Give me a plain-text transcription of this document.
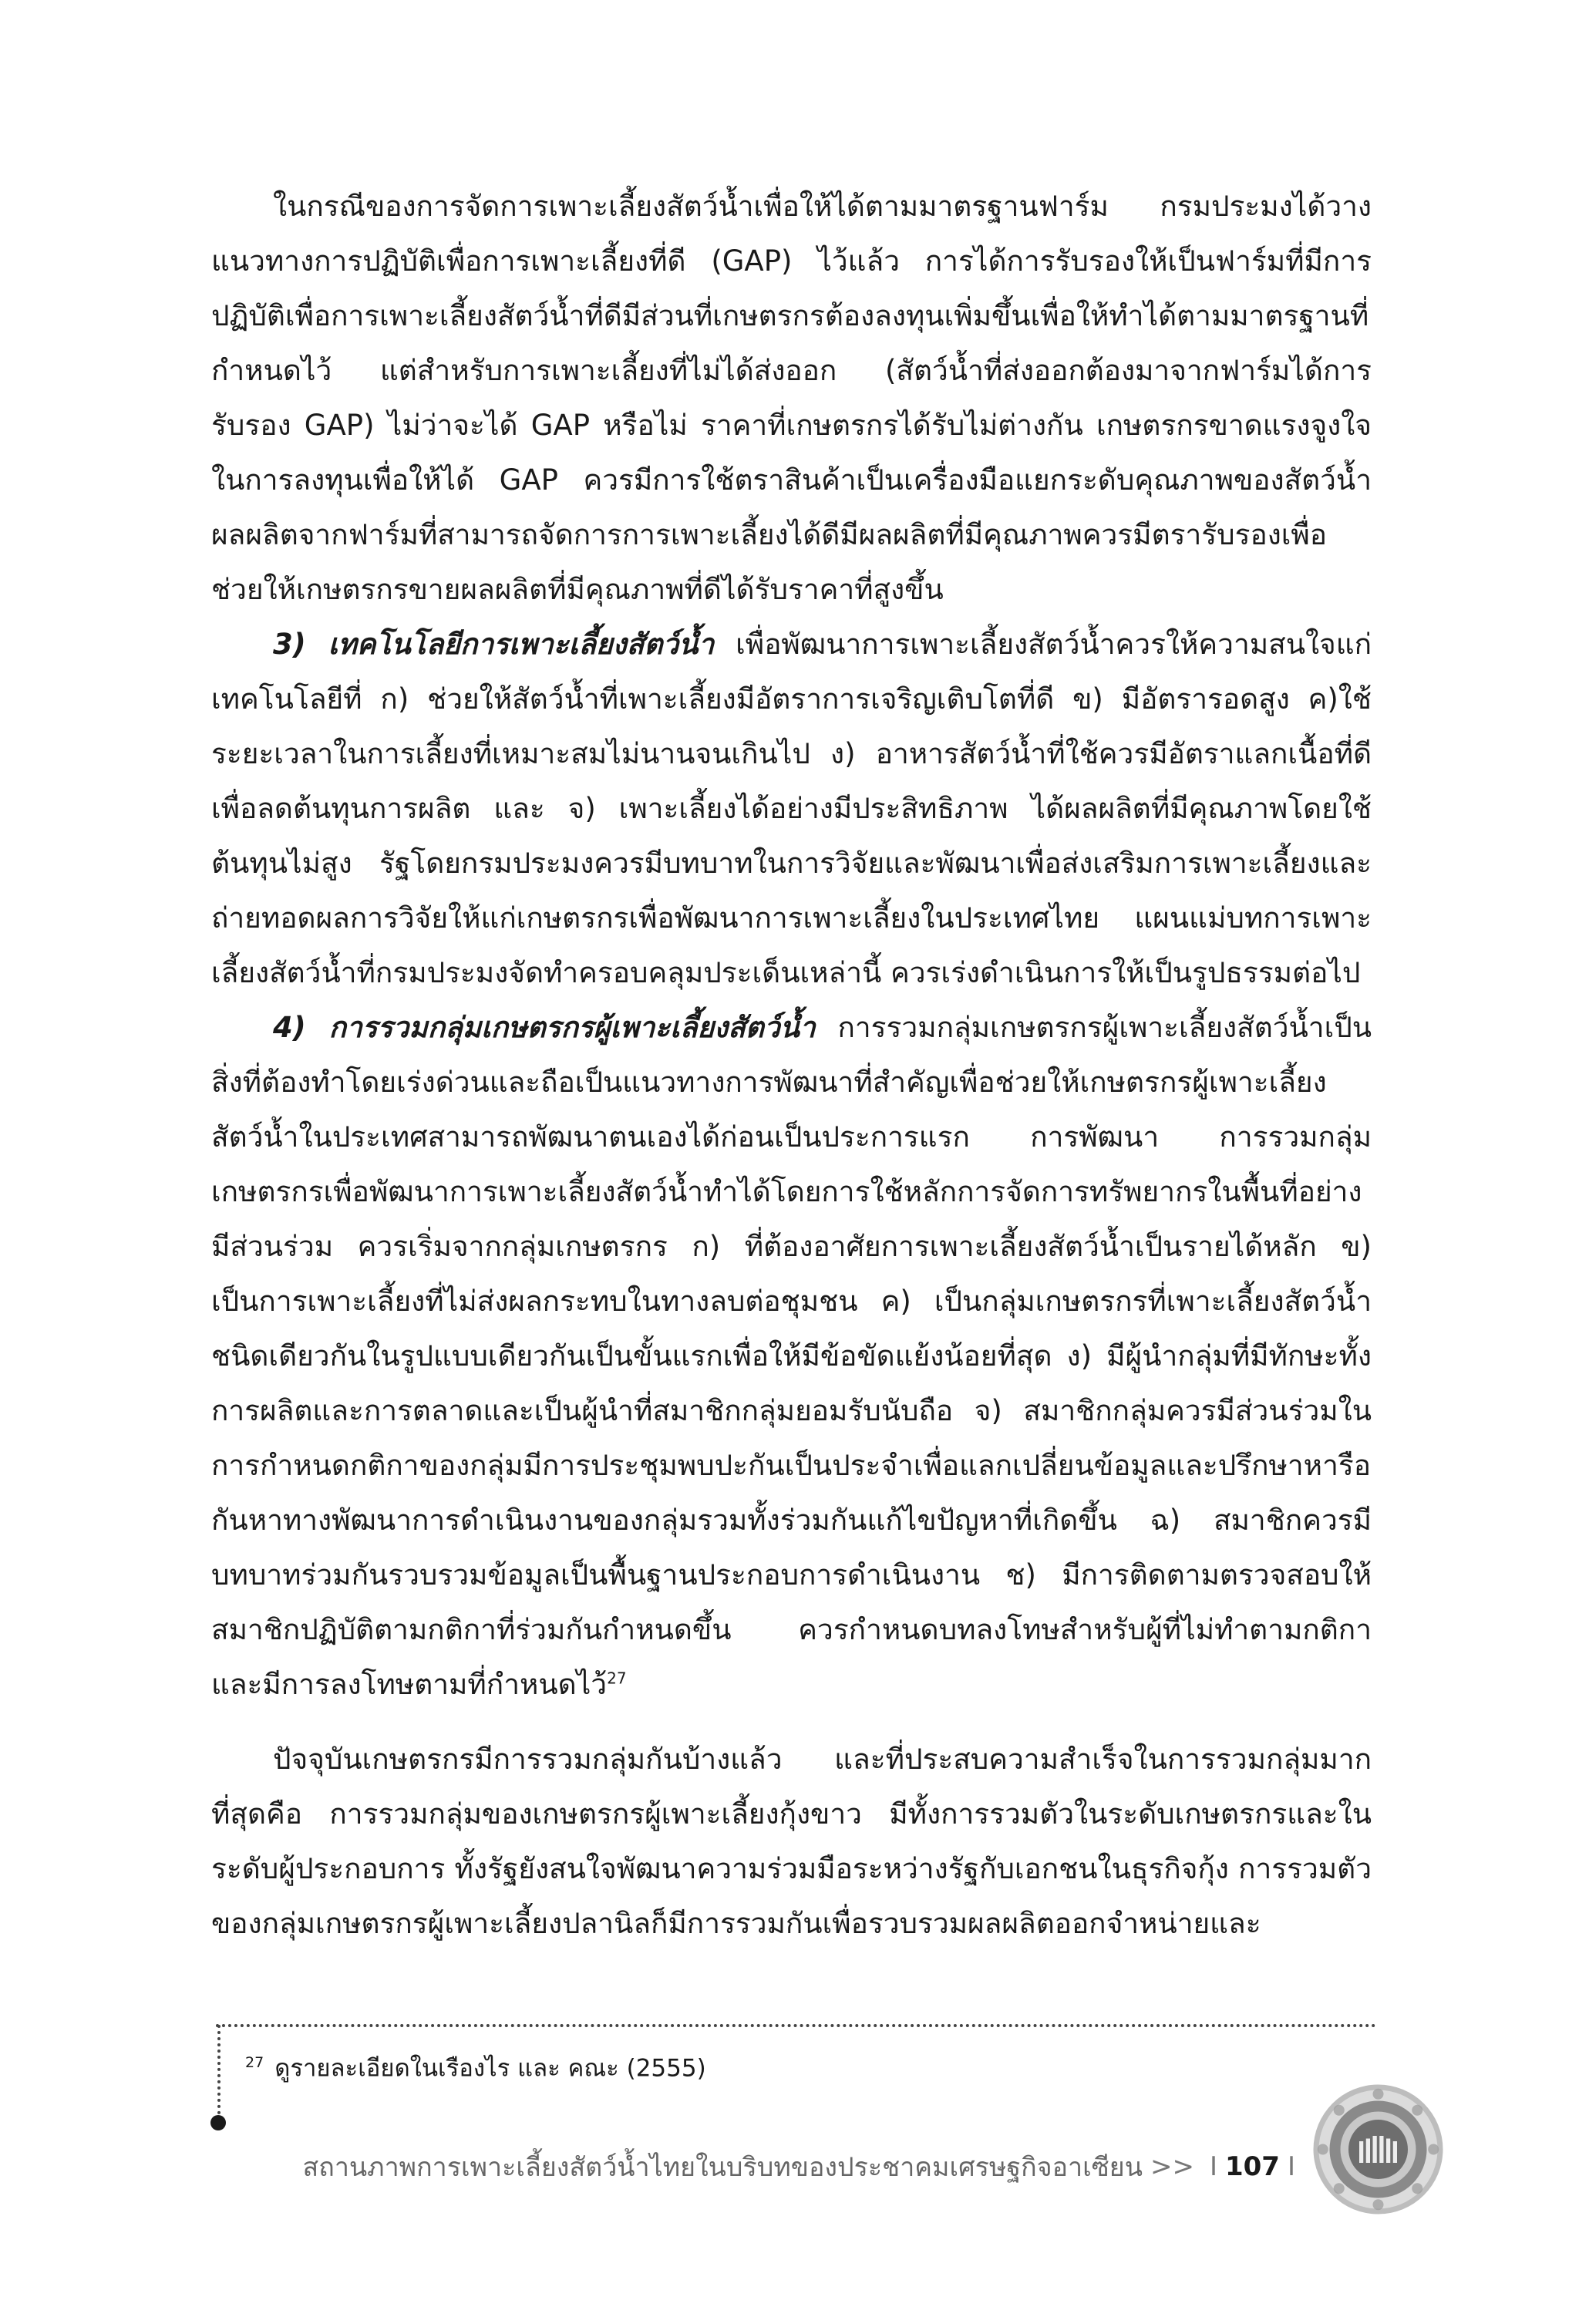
ในกรณีของการจัดการเพาะเลี้ยงสัตว์น้ำเพื่อให้ได้ตามมาตรฐานฟาร์ม กรมประมงได้วางแนวทางการปฏิบัติเพื่อการเพาะเลี้ยงที่ดี (GAP) ไว้แล้ว การได้การรับรองให้เป็นฟาร์มที่มีการปฏิบัติเพื่อการเพาะเลี้ยงสัตว์น้ำที่ดีมีส่วนที่เกษตรกรต้องลงทุนเพิ่มขึ้นเพื่อให้ทำได้ตามมาตรฐานที่กำหนดไว้ แต่สำหรับการเพาะเลี้ยงที่ไม่ได้ส่งออก (สัตว์น้ำที่ส่งออกต้องมาจากฟาร์มได้การรับรอง GAP) ไม่ว่าจะได้ GAP หรือไม่ ราคาที่เกษตรกรได้รับไม่ต่างกัน เกษตรกรขาดแรงจูงใจในการลงทุนเพื่อให้ได้ GAP ควรมีการใช้ตราสินค้าเป็นเครื่องมือแยกระดับคุณภาพของสัตว์น้ำผลผลิตจากฟาร์มที่สามารถจัดการการเพาะเลี้ยงได้ดีมีผลผลิตที่มีคุณภาพควรมีตรารับรองเพื่อช่วยให้เกษตรกรขายผลผลิตที่มีคุณภาพที่ดีได้รับราคาที่สูงขึ้น

3) เทคโนโลยีการเพาะเลี้ยงสัตว์น้ำ เพื่อพัฒนาการเพาะเลี้ยงสัตว์น้ำควรให้ความสนใจแก่เทคโนโลยีที่ ก) ช่วยให้สัตว์น้ำที่เพาะเลี้ยงมีอัตราการเจริญเติบโตที่ดี ข) มีอัตรารอดสูง ค)ใช้ระยะเวลาในการเลี้ยงที่เหมาะสมไม่นานจนเกินไป ง) อาหารสัตว์น้ำที่ใช้ควรมีอัตราแลกเนื้อที่ดีเพื่อลดต้นทุนการผลิต และ จ) เพาะเลี้ยงได้อย่างมีประสิทธิภาพ ได้ผลผลิตที่มีคุณภาพโดยใช้ต้นทุนไม่สูง รัฐโดยกรมประมงควรมีบทบาทในการวิจัยและพัฒนาเพื่อส่งเสริมการเพาะเลี้ยงและถ่ายทอดผลการวิจัยให้แก่เกษตรกรเพื่อพัฒนาการเพาะเลี้ยงในประเทศไทย แผนแม่บทการเพาะเลี้ยงสัตว์น้ำที่กรมประมงจัดทำครอบคลุมประเด็นเหล่านี้ ควรเร่งดำเนินการให้เป็นรูปธรรมต่อไป

4) การรวมกลุ่มเกษตรกรผู้เพาะเลี้ยงสัตว์น้ำ การรวมกลุ่มเกษตรกรผู้เพาะเลี้ยงสัตว์น้ำเป็นสิ่งที่ต้องทำโดยเร่งด่วนและถือเป็นแนวทางการพัฒนาที่สำคัญเพื่อช่วยให้เกษตรกรผู้เพาะเลี้ยงสัตว์น้ำในประเทศสามารถพัฒนาตนเองได้ก่อนเป็นประการแรก การพัฒนา การรวมกลุ่มเกษตรกรเพื่อพัฒนาการเพาะเลี้ยงสัตว์น้ำทำได้โดยการใช้หลักการจัดการทรัพยากรในพื้นที่อย่างมีส่วนร่วม ควรเริ่มจากกลุ่มเกษตรกร ก) ที่ต้องอาศัยการเพาะเลี้ยงสัตว์น้ำเป็นรายได้หลัก ข) เป็นการเพาะเลี้ยงที่ไม่ส่งผลกระทบในทางลบต่อชุมชน ค) เป็นกลุ่มเกษตรกรที่เพาะเลี้ยงสัตว์น้ำชนิดเดียวกันในรูปแบบเดียวกันเป็นขั้นแรกเพื่อให้มีข้อขัดแย้งน้อยที่สุด ง) มีผู้นำกลุ่มที่มีทักษะทั้งการผลิตและการตลาดและเป็นผู้นำที่สมาชิกกลุ่มยอมรับนับถือ จ) สมาชิกกลุ่มควรมีส่วนร่วมในการกำหนดกติกาของกลุ่มมีการประชุมพบปะกันเป็นประจำเพื่อแลกเปลี่ยนข้อมูลและปรึกษาหารือกันหาทางพัฒนาการดำเนินงานของกลุ่มรวมทั้งร่วมกันแก้ไขปัญหาที่เกิดขึ้น ฉ) สมาชิกควรมีบทบาทร่วมกันรวบรวมข้อมูลเป็นพื้นฐานประกอบการดำเนินงาน ช) มีการติดตามตรวจสอบให้สมาชิกปฏิบัติตามกติกาที่ร่วมกันกำหนดขึ้น ควรกำหนดบทลงโทษสำหรับผู้ที่ไม่ทำตามกติกา และมีการลงโทษตามที่กำหนดไว้$^{27}$

ปัจจุบันเกษตรกรมีการรวมกลุ่มกันบ้างแล้ว และที่ประสบความสำเร็จในการรวมกลุ่มมากที่สุดคือ การรวมกลุ่มของเกษตรกรผู้เพาะเลี้ยงกุ้งขาว มีทั้งการรวมตัวในระดับเกษตรกรและในระดับผู้ประกอบการ ทั้งรัฐยังสนใจพัฒนาความร่วมมือระหว่างรัฐกับเอกชนในธุรกิจกุ้ง การรวมตัวของกลุ่มเกษตรกรผู้เพาะเลี้ยงปลานิลก็มีการรวมกันเพื่อรวบรวมผลผลิตออกจำหน่ายและ

$^{27}$ ดูรายละเอียดในเรืองไร และ คณะ (2555)
สถานภาพการเพาะเลี้ยงสัตว์น้ำไทยในบริบทของประชาคมเศรษฐกิจอาเซียน >> I 107 I
